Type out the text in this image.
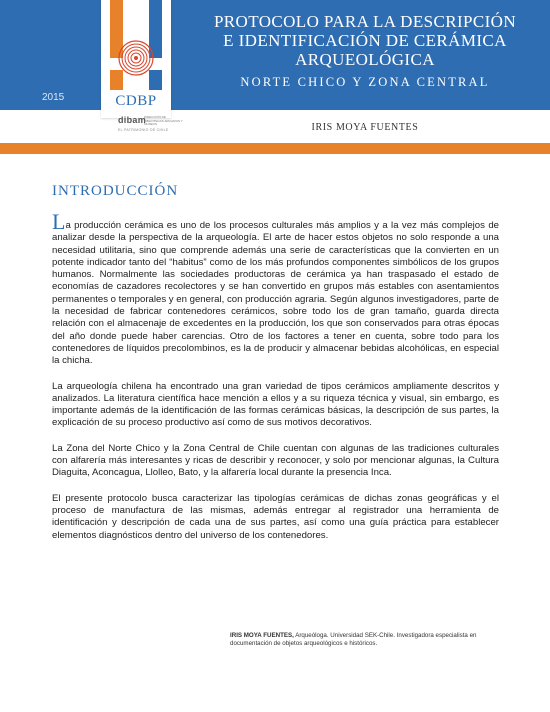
2015
PROTOCOLO PARA LA DESCRIPCIÓN
E IDENTIFICACIÓN DE CERÁMICA
ARQUEOLÓGICA
NORTE CHICO Y ZONA CENTRAL
CDBP
dibam
DIRECCIÓN DE BIBLIOTECAS ARCHIVOS Y MUSEOS
EL PATRIMONIO DE CHILE	IRIS MOYA FUENTES
INTRODUCCIÓN

La producción cerámica es uno de los procesos culturales más amplios y a la vez más complejos de analizar desde la perspectiva de la arqueología. El arte de hacer estos objetos no solo responde a una necesidad utilitaria, sino que comprende además una serie de características que la convierten en un potente indicador tanto del “habitus” como de los más profundos componentes simbólicos de los grupos humanos. Normalmente las sociedades productoras de cerámica ya han traspasado el estado de economías de cazadores recolectores y se han convertido en grupos más estables con asentamientos permanentes o temporales y en general, con producción agraria. Según algunos investigadores, parte de la necesidad de fabricar contenedores cerámicos, sobre todo los de gran tamaño, guarda directa relación con el almacenaje de excedentes en la producción, los que son conservados para otras épocas del año donde puede haber carencias. Otro de los factores a tener en cuenta, sobre todo para los contenedores de líquidos precolombinos, es la de producir y almacenar bebidas alcohólicas, en especial la chicha.

La arqueología chilena ha encontrado una gran variedad de tipos cerámicos ampliamente descritos y analizados. La literatura científica hace mención a ellos y a su riqueza técnica y visual, sin embargo, es importante además de la identificación de las formas cerámicas básicas, la descripción de sus partes, la explicación de su proceso productivo así como de sus motivos decorativos.

La Zona del Norte Chico y la Zona Central de Chile cuentan con algunas de las tradiciones culturales con alfarería más interesantes y ricas de describir y reconocer, y solo por mencionar algunas, la Cultura Diaguita, Aconcagua, Llolleo, Bato, y la alfarería local durante la presencia Inca.

El presente protocolo busca caracterizar las tipologías cerámicas de dichas zonas geográficas y el proceso de manufactura de las mismas, además entregar al registrador una herramienta de identificación y descripción de cada una de sus partes, así como una guía práctica para establecer elementos diagnósticos dentro del universo de los contenedores.

IRIS MOYA FUENTES, Arqueóloga. Universidad SEK-Chile. Investigadora especialista en documentación de objetos arqueológicos e históricos.
